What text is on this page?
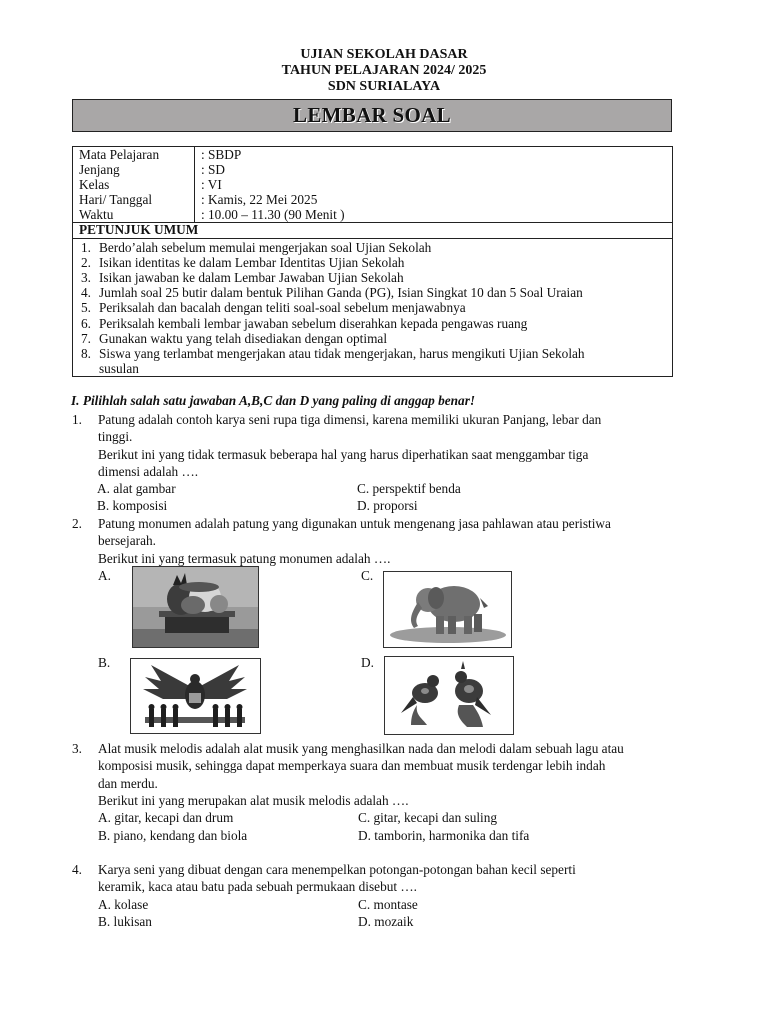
UJIAN SEKOLAH DASAR
TAHUN PELAJARAN 2024/ 2025
SDN SURIALAYA
LEMBAR SOAL
Mata Pelajaran	: SBDP
Jenjang	: SD
Kelas	: VI
Hari/ Tanggal	: Kamis, 22 Mei 2025
Waktu	: 10.00 – 11.30 (90 Menit )
PETUNJUK UMUM
1. Berdo’alah sebelum memulai mengerjakan soal Ujian Sekolah
2. Isikan identitas ke dalam Lembar Identitas Ujian Sekolah
3. Isikan jawaban ke dalam Lembar Jawaban Ujian Sekolah
4. Jumlah soal 25 butir dalam bentuk Pilihan Ganda (PG), Isian Singkat 10 dan 5 Soal Uraian
5. Periksalah dan bacalah dengan teliti soal-soal sebelum menjawabnya
6. Periksalah kembali lembar jawaban sebelum diserahkan kepada pengawas ruang
7. Gunakan waktu yang telah disediakan dengan optimal
8. Siswa yang terlambat mengerjakan atau tidak mengerjakan, harus mengikuti Ujian Sekolah
susulan
I. Pilihlah salah satu jawaban A,B,C dan D yang paling di anggap benar!
1. Patung adalah contoh karya seni rupa tiga dimensi, karena memiliki ukuran Panjang, lebar dan
tinggi.
Berikut ini yang tidak termasuk beberapa hal yang harus diperhatikan saat menggambar tiga
dimensi adalah ….
A. alat gambar	C. perspektif benda
B. komposisi	D. proporsi
2. Patung monumen adalah patung yang digunakan untuk mengenang jasa pahlawan atau peristiwa
bersejarah.
Berikut ini yang termasuk patung monumen adalah ….
A.	C.
B.	D.
3. Alat musik melodis adalah alat musik yang menghasilkan nada dan melodi dalam sebuah lagu atau
komposisi musik, sehingga dapat memperkaya suara dan membuat musik terdengar lebih indah
dan merdu.
Berikut ini yang merupakan alat musik melodis adalah ….
A. gitar, kecapi dan drum	C. gitar, kecapi dan suling
B. piano, kendang dan biola	D. tamborin, harmonika dan tifa
4. Karya seni yang dibuat dengan cara menempelkan potongan-potongan bahan kecil seperti
keramik, kaca atau batu pada sebuah permukaan disebut ….
A. kolase	C. montase
B. lukisan	D. mozaik
